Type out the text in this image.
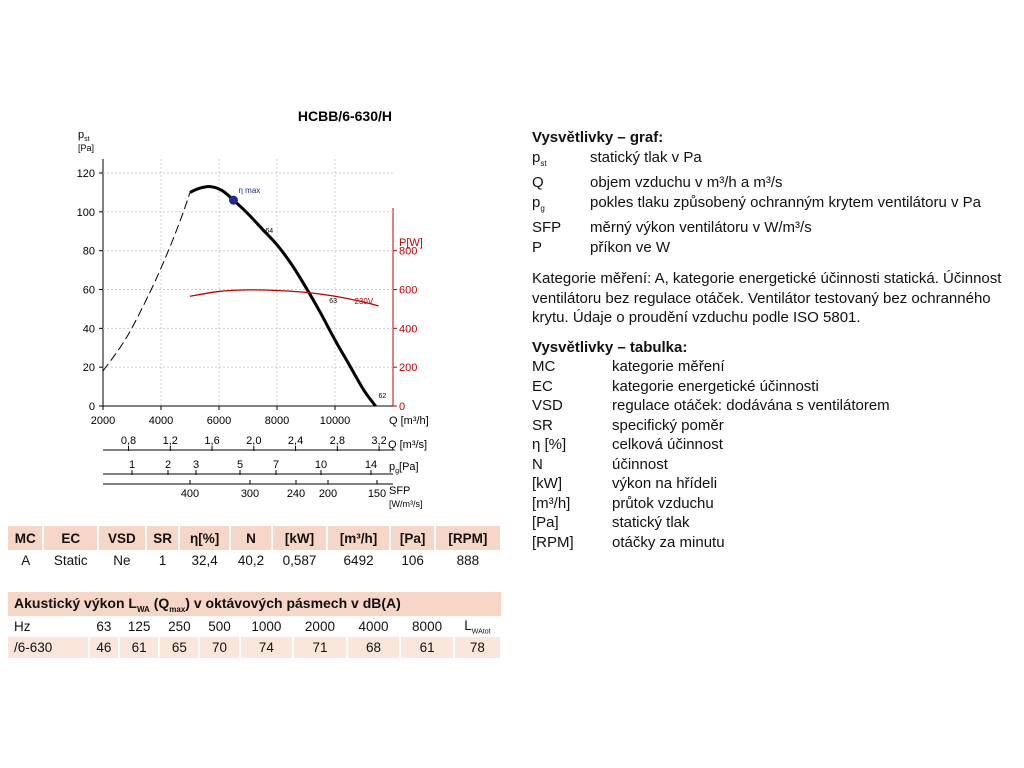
HCBB/6-630/H
0
20
40
60
80
100
120
2000	4000	6000	8000	10000
0
200
400
600
800
0,8 1,2 1,6 2,0 2,4 2,8 3,2
1	2 3	5	7	10	14
400	300	240 200	150
230V
η max
64
63
62
$p_{st}$
[Pa]
P[W]
Q [m³/h]
Q [m³/s]
$p_g[Pa]$
SFP
[W/m³/s]

Vysvětlivky – graf:

$p_{st}$	statický tlak v Pa
Q	objem vzduchu v m³/h a m³/s
$p_g$	pokles tlaku způsobený ochranným krytem ventilátoru v Pa
SFP	měrný výkon ventilátoru v W/m³/s
P	příkon ve W

Kategorie měření: A, kategorie energetické účinnosti statická. Účinnost ventilátoru bez regulace otáček. Ventilátor testovaný bez ochranného krytu. Údaje o proudění vzduchu podle ISO 5801.

Vysvětlivky – tabulka:

MC	kategorie měření
EC	kategorie energetické účinnosti
VSD	regulace otáček: dodávána s ventilátorem
SR	specifický poměr
η [%]	celková účinnost
N	účinnost
[kW]	výkon na hřídeli
[m³/h]	průtok vzduchu
[Pa]	statický tlak
[RPM]	otáčky za minutu
MC	EC	VSD	SR	η[%]	N	[kW]	[m³/h]	[Pa]	[RPM]
A	Static	Ne	1	32,4	40,2	0,587	6492	106	888
Akustický výkon $L_{WA}$ $(Q_{max})$ v oktávových pásmech v dB(A)									
Hz	63	125	250	500	1000	2000	4000	8000	$L_{WAtot}$
/6-630	46	61	65	70	74	71	68	61	78
